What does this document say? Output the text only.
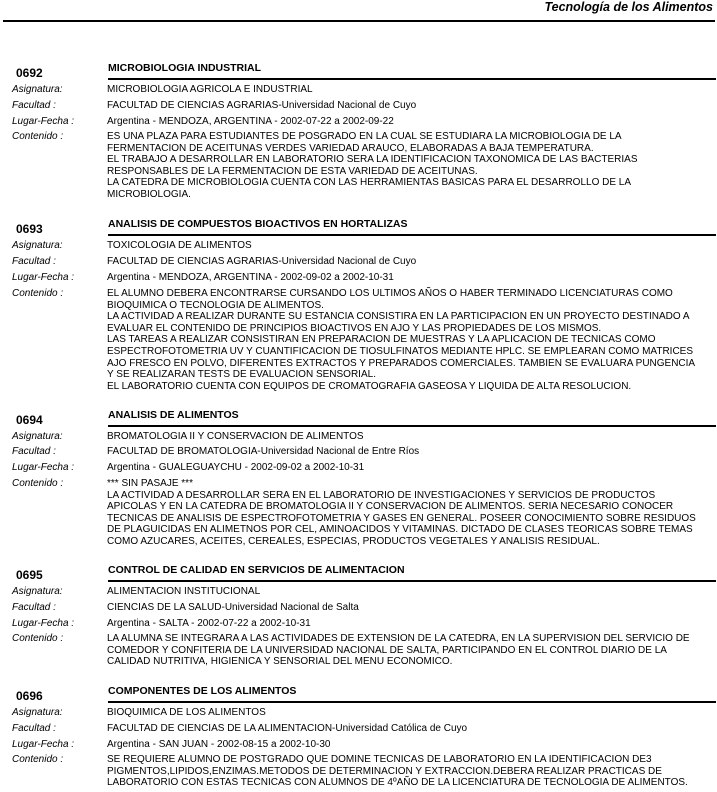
Tecnología de los Alimentos
0692	MICROBIOLOGIA INDUSTRIAL
Asignatura:	MICROBIOLOGIA AGRICOLA E INDUSTRIAL
Facultad :	FACULTAD DE CIENCIAS AGRARIAS-Universidad Nacional de Cuyo
Lugar-Fecha :	Argentina - MENDOZA, ARGENTINA - 2002-07-22 a 2002-09-22
Contenido :	ES UNA PLAZA PARA ESTUDIANTES DE POSGRADO EN LA CUAL SE ESTUDIARA LA MICROBIOLOGIA DE LA

FERMENTACION DE ACEITUNAS VERDES VARIEDAD ARAUCO, ELABORADAS A BAJA TEMPERATURA.

EL TRABAJO A DESARROLLAR EN LABORATORIO SERA LA IDENTIFICACION TAXONOMICA DE LAS BACTERIAS

RESPONSABLES DE LA FERMENTACION DE ESTA VARIEDAD DE ACEITUNAS.

LA CATEDRA DE MICROBIOLOGIA CUENTA CON LAS HERRAMIENTAS BASICAS PARA EL DESARROLLO DE LA

MICROBIOLOGIA.

0693	ANALISIS DE COMPUESTOS BIOACTIVOS EN HORTALIZAS
Asignatura:	TOXICOLOGIA DE ALIMENTOS
Facultad :	FACULTAD DE CIENCIAS AGRARIAS-Universidad Nacional de Cuyo
Lugar-Fecha :	Argentina - MENDOZA, ARGENTINA - 2002-09-02 a 2002-10-31
Contenido :	EL ALUMNO DEBERA ENCONTRARSE CURSANDO LOS ULTIMOS AÑOS O HABER TERMINADO LICENCIATURAS COMO

BIOQUIMICA O TECNOLOGIA DE ALIMENTOS.

LA ACTIVIDAD A REALIZAR DURANTE SU ESTANCIA CONSISTIRA EN LA PARTICIPACION EN UN PROYECTO DESTINADO A

EVALUAR EL CONTENIDO DE PRINCIPIOS BIOACTIVOS EN AJO Y LAS PROPIEDADES DE LOS MISMOS.

LAS TAREAS A REALIZAR CONSISTIRAN EN PREPARACION DE MUESTRAS Y LA APLICACION DE TECNICAS COMO

ESPECTROFOTOMETRIA UV Y CUANTIFICACION DE TIOSULFINATOS MEDIANTE HPLC. SE EMPLEARAN COMO MATRICES

AJO FRESCO EN POLVO, DIFERENTES EXTRACTOS Y PREPARADOS COMERCIALES. TAMBIEN SE EVALUARA PUNGENCIA

Y SE REALIZARAN TESTS DE EVALUACION SENSORIAL.

EL LABORATORIO CUENTA CON EQUIPOS DE CROMATOGRAFIA GASEOSA Y LIQUIDA DE ALTA RESOLUCION.

0694	ANALISIS DE ALIMENTOS
Asignatura:	BROMATOLOGIA II Y CONSERVACION DE ALIMENTOS
Facultad :	FACULTAD DE BROMATOLOGIA-Universidad Nacional de Entre Ríos
Lugar-Fecha :	Argentina - GUALEGUAYCHU - 2002-09-02 a 2002-10-31
Contenido :	*** SIN PASAJE ***

LA ACTIVIDAD A DESARROLLAR SERA EN EL LABORATORIO DE INVESTIGACIONES Y SERVICIOS DE PRODUCTOS

APICOLAS Y EN LA CATEDRA DE BROMATOLOGIA II Y CONSERVACION DE ALIMENTOS. SERIA NECESARIO CONOCER

TECNICAS DE ANALISIS DE ESPECTROFOTOMETRIA Y GASES EN GENERAL. POSEER CONOCIMIENTO SOBRE RESIDUOS

DE PLAGUICIDAS EN ALIMETNOS POR CEL, AMINOACIDOS Y VITAMINAS. DICTADO DE CLASES TEORICAS SOBRE TEMAS

COMO AZUCARES, ACEITES, CEREALES, ESPECIAS, PRODUCTOS VEGETALES Y ANALISIS RESIDUAL.

0695	CONTROL DE CALIDAD EN SERVICIOS DE ALIMENTACION
Asignatura:	ALIMENTACION INSTITUCIONAL
Facultad :	CIENCIAS DE LA SALUD-Universidad Nacional de Salta
Lugar-Fecha :	Argentina - SALTA - 2002-07-22 a 2002-10-31
Contenido :	LA ALUMNA SE INTEGRARA A LAS ACTIVIDADES DE EXTENSION DE LA CATEDRA, EN LA SUPERVISION DEL SERVICIO DE

COMEDOR Y CONFITERIA DE LA UNIVERSIDAD NACIONAL DE SALTA, PARTICIPANDO EN EL CONTROL DIARIO DE LA

CALIDAD NUTRITIVA, HIGIENICA Y SENSORIAL DEL MENU ECONOMICO.

0696	COMPONENTES DE LOS ALIMENTOS
Asignatura:	BIOQUIMICA DE LOS ALIMENTOS
Facultad :	FACULTAD DE CIENCIAS DE LA ALIMENTACION-Universidad Católica de Cuyo
Lugar-Fecha :	Argentina - SAN JUAN - 2002-08-15 a 2002-10-30
Contenido :	SE REQUIERE ALUMNO DE POSTGRADO QUE DOMINE TECNICAS DE LABORATORIO EN LA IDENTIFICACION DE3

PIGMENTOS,LIPIDOS,ENZIMAS.METODOS DE DETERMINACION Y EXTRACCION.DEBERA REALIZAR PRACTICAS DE

LABORATORIO CON ESTAS TECNICAS CON ALUMNOS DE 4ºAÑO DE LA LICENCIATURA DE TECNOLOGIA DE ALIMENTOS.
